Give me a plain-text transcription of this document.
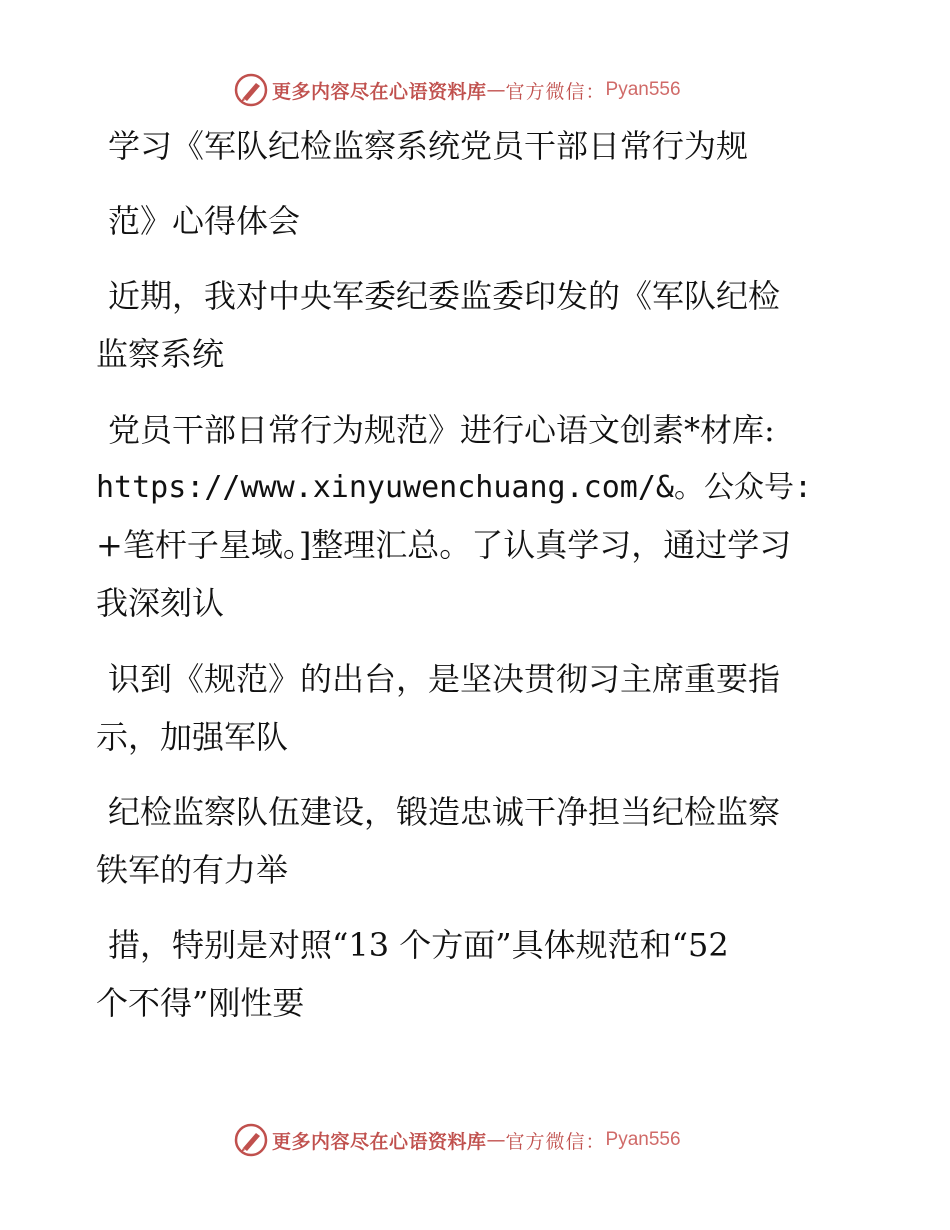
更多内容尽在心语资料库 — 官方微信： Pyan556
学习《军队纪检监察系统党员干部日常行为规
范》心得体会
近期，我对中央军委纪委监委印发的《军队纪检
监察系统
党员干部日常行为规范》进行心语文创素*材库:
https://www.xinyuwenchuang.com/&。公众号:
+笔杆子星域。]整理汇总。了认真学习，通过学习
我深刻认
识到《规范》的出台，是坚决贯彻习主席重要指
示，加强军队
纪检监察队伍建设，锻造忠诚干净担当纪检监察
铁军的有力举
措，特别是对照“13 个方面”具体规范和“52
个不得”刚性要
更多内容尽在心语资料库 — 官方微信： Pyan556
